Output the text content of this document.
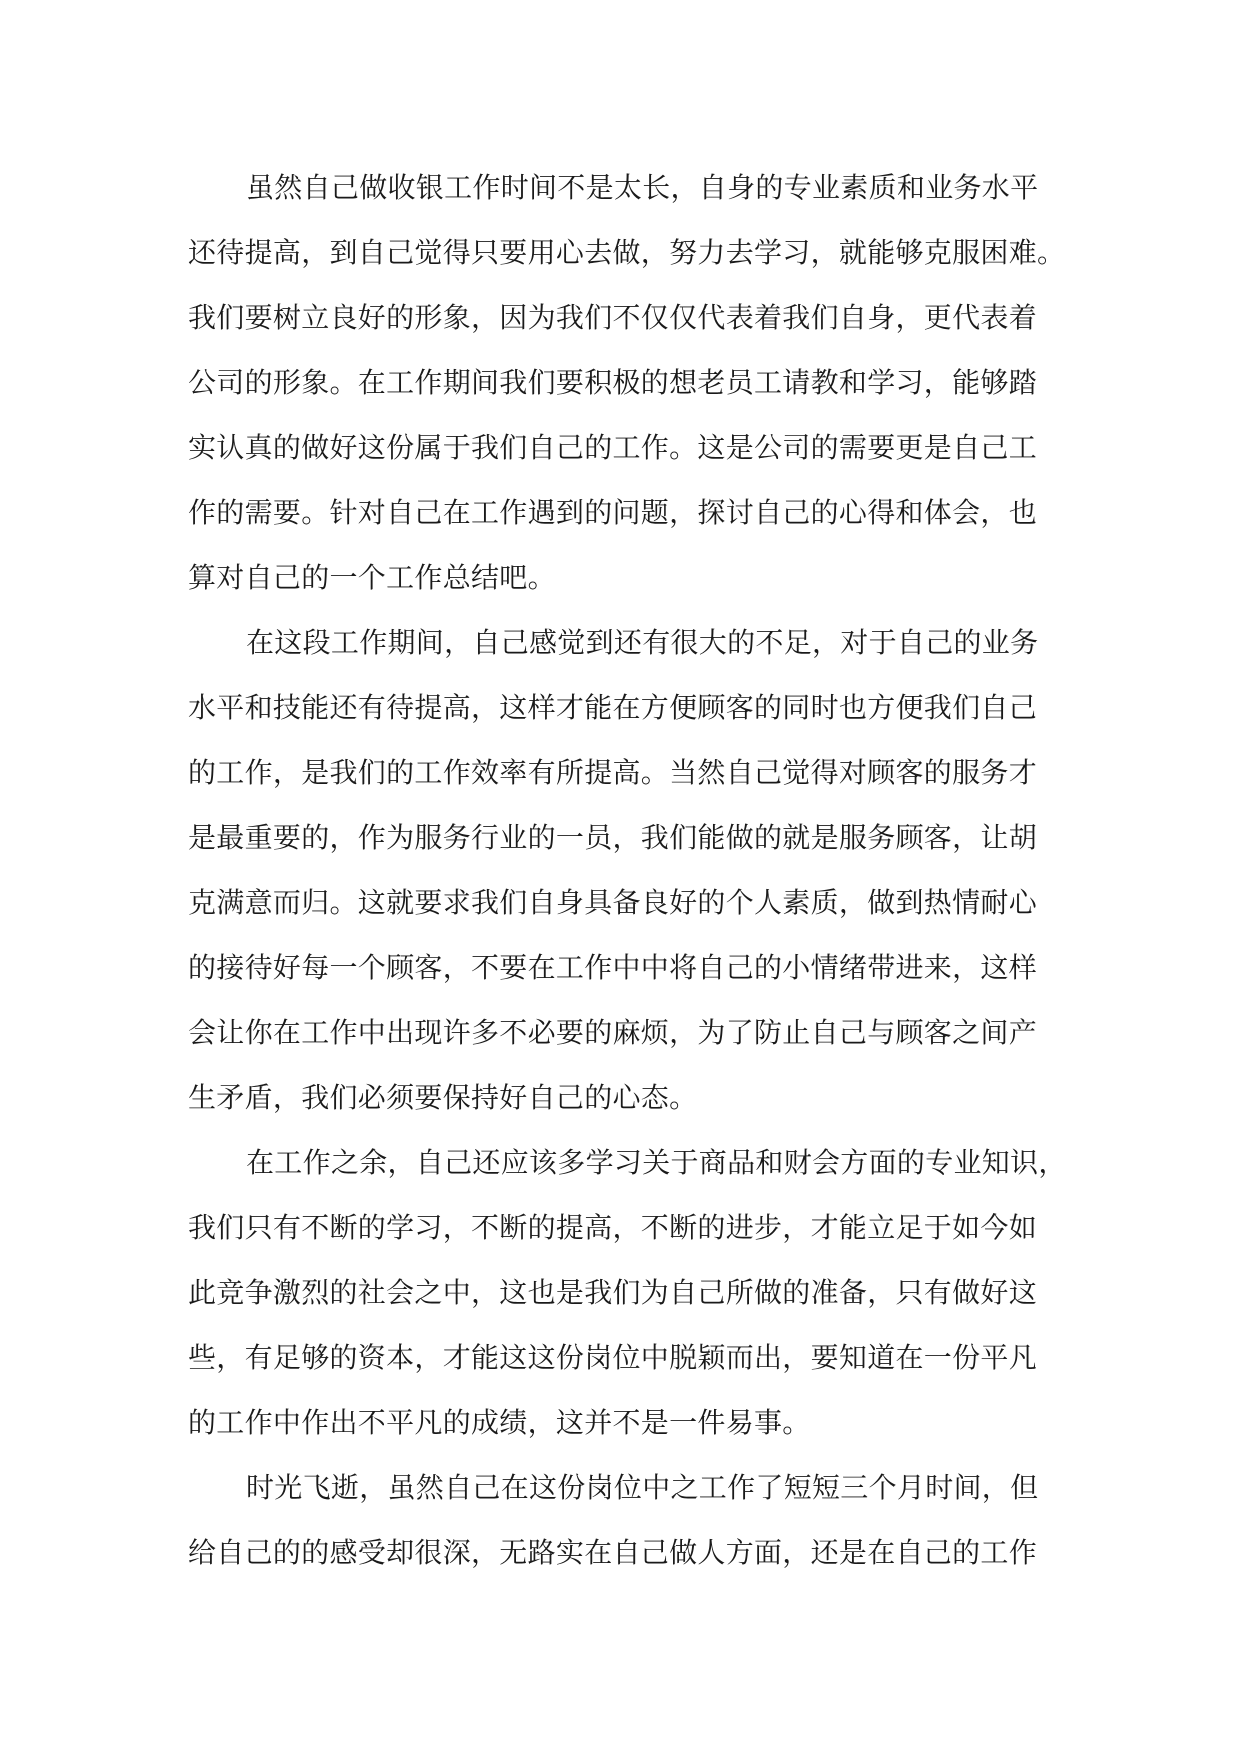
虽然自己做收银工作时间不是太长，自身的专业素质和业务水平
还待提高，到自己觉得只要用心去做，努力去学习，就能够克服困难。
我们要树立良好的形象，因为我们不仅仅代表着我们自身，更代表着
公司的形象。在工作期间我们要积极的想老员工请教和学习，能够踏
实认真的做好这份属于我们自己的工作。这是公司的需要更是自己工
作的需要。针对自己在工作遇到的问题，探讨自己的心得和体会，也
算对自己的一个工作总结吧。
在这段工作期间，自己感觉到还有很大的不足，对于自己的业务
水平和技能还有待提高，这样才能在方便顾客的同时也方便我们自己
的工作，是我们的工作效率有所提高。当然自己觉得对顾客的服务才
是最重要的，作为服务行业的一员，我们能做的就是服务顾客，让胡
克满意而归。这就要求我们自身具备良好的个人素质，做到热情耐心
的接待好每一个顾客，不要在工作中中将自己的小情绪带进来，这样
会让你在工作中出现许多不必要的麻烦，为了防止自己与顾客之间产
生矛盾，我们必须要保持好自己的心态。
在工作之余，自己还应该多学习关于商品和财会方面的专业知识，
我们只有不断的学习，不断的提高，不断的进步，才能立足于如今如
此竞争激烈的社会之中，这也是我们为自己所做的准备，只有做好这
些，有足够的资本，才能这这份岗位中脱颖而出，要知道在一份平凡
的工作中作出不平凡的成绩，这并不是一件易事。
时光飞逝，虽然自己在这份岗位中之工作了短短三个月时间，但
给自己的的感受却很深，无路实在自己做人方面，还是在自己的工作
